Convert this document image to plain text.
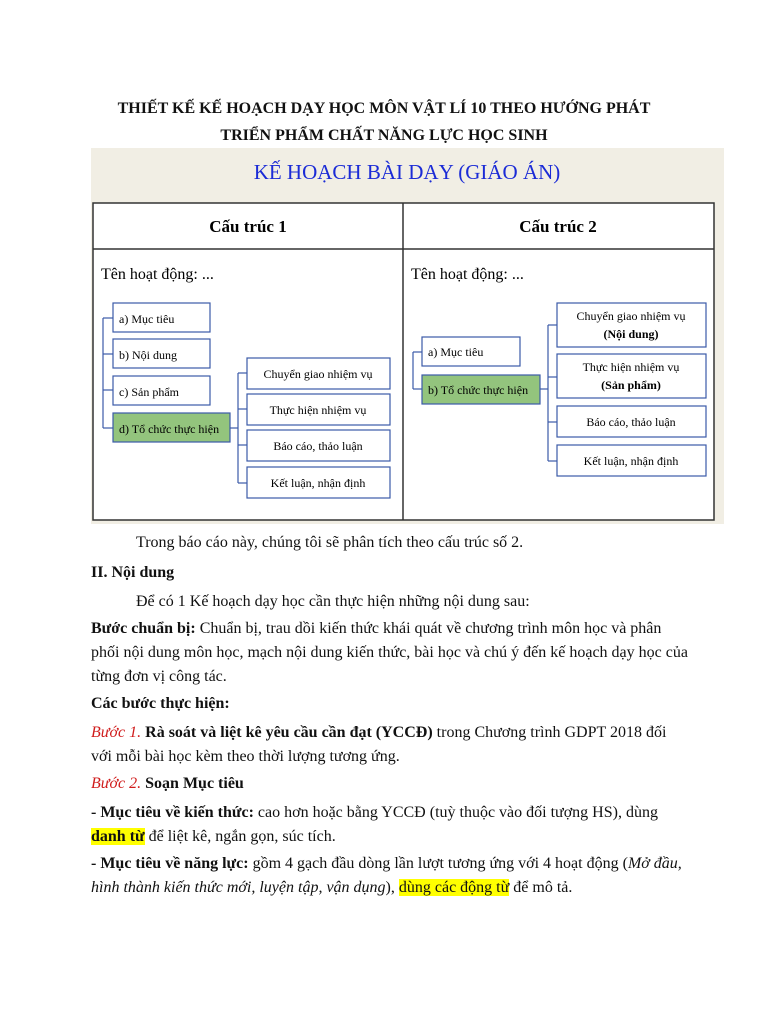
THIẾT KẾ KẾ HOẠCH DẠY HỌC MÔN VẬT LÍ 10 THEO HƯỚNG PHÁT
TRIỂN PHẨM CHẤT NĂNG LỰC HỌC SINH
KẾ HOẠCH BÀI DẠY (GIÁO ÁN)
Cấu trúc 1	Cấu trúc 2
Tên hoạt động: ...	Tên hoạt động: ...
a) Mục tiêu
b) Nội dung
c) Sản phẩm
d) Tổ chức thực hiện
Chuyển giao nhiệm vụ
Thực hiện nhiệm vụ
Báo cáo, thảo luận
Kết luận, nhận định
a) Mục tiêu
b) Tổ chức thực hiện
Chuyển giao nhiệm vụ
(Nội dung)
Thực hiện nhiệm vụ
(Sản phẩm)
Báo cáo, thảo luận
Kết luận, nhận định

Trong báo cáo này, chúng tôi sẽ phân tích theo cấu trúc số 2.

II. Nội dung

Để có 1 Kế hoạch dạy học cần thực hiện những nội dung sau:

Bước chuẩn bị: Chuẩn bị, trau dồi kiến thức khái quát về chương trình môn học và phân phối nội dung môn học, mạch nội dung kiến thức, bài học và chú ý đến kế hoạch dạy học của từng đơn vị công tác.

Các bước thực hiện:

Bước 1. Rà soát và liệt kê yêu cầu cần đạt (YCCĐ) trong Chương trình GDPT 2018 đối với mỗi bài học kèm theo thời lượng tương ứng.

Bước 2. Soạn Mục tiêu

- Mục tiêu về kiến thức: cao hơn hoặc bằng YCCĐ (tuỳ thuộc vào đối tượng HS), dùng danh từ để liệt kê, ngắn gọn, súc tích.

- Mục tiêu về năng lực: gồm 4 gạch đầu dòng lần lượt tương ứng với 4 hoạt động (Mở đầu, hình thành kiến thức mới, luyện tập, vận dụng), dùng các động từ để mô tả.
